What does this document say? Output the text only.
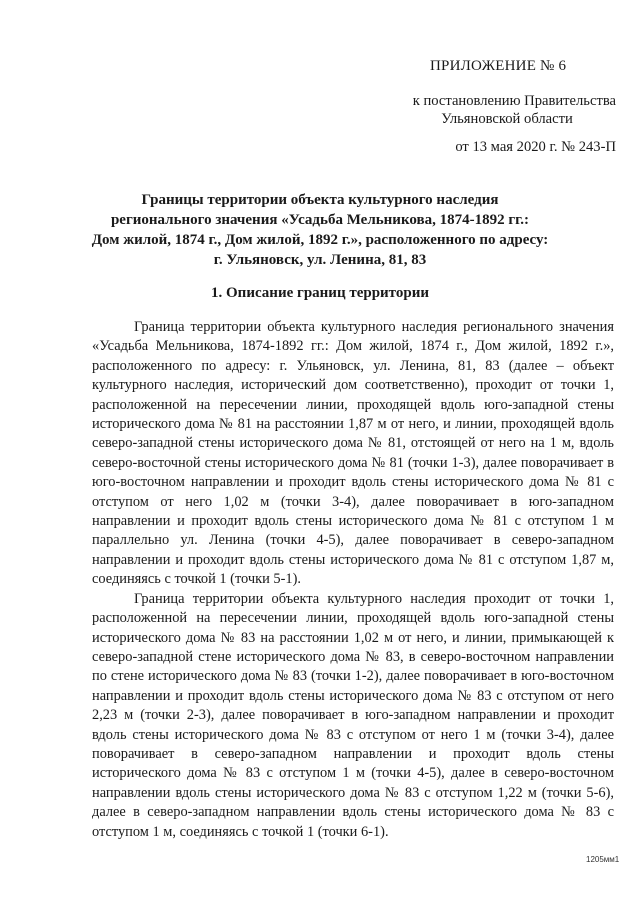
ПРИЛОЖЕНИЕ № 6
к постановлению Правительства
Ульяновской области
от 13 мая 2020 г. № 243-П
Границы территории объекта культурного наследия
регионального значения «Усадьба Мельникова, 1874-1892 гг.:
Дом жилой, 1874 г., Дом жилой, 1892 г.», расположенного по адресу:
г. Ульяновск, ул. Ленина, 81, 83
1. Описание границ территории

Граница территории объекта культурного наследия регионального значения «Усадьба Мельникова, 1874-1892 гг.: Дом жилой, 1874 г., Дом жилой, 1892 г.», расположенного по адресу: г. Ульяновск, ул. Ленина, 81, 83 (далее – объект культурного наследия, исторический дом соответственно), проходит от точки 1, расположенной на пересечении линии, проходящей вдоль юго-западной стены исторического дома № 81 на расстоянии 1,87 м от него, и линии, проходящей вдоль северо-западной стены исторического дома № 81, отстоящей от него на 1 м, вдоль северо-восточной стены исторического дома № 81 (точки 1-3), далее поворачивает в юго-восточном направлении и проходит вдоль стены исторического дома № 81 с отступом от него 1,02 м (точки 3-4), далее поворачивает в юго-западном направлении и проходит вдоль стены исторического дома № 81 с отступом 1 м параллельно ул. Ленина (точки 4-5), далее поворачивает в северо-западном направлении и проходит вдоль стены исторического дома № 81 с отступом 1,87 м, соединяясь с точкой 1 (точки 5-1).

Граница территории объекта культурного наследия проходит от точки 1, расположенной на пересечении линии, проходящей вдоль юго-западной стены исторического дома № 83 на расстоянии 1,02 м от него, и линии, примыкающей к северо-западной стене исторического дома № 83, в северо-восточном направлении по стене исторического дома № 83 (точки 1-2), далее поворачивает в юго-восточном направлении и проходит вдоль стены исторического дома № 83 с отступом от него 2,23 м (точки 2-3), далее поворачивает в юго-западном направлении и проходит вдоль стены исторического дома № 83 с отступом от него 1 м (точки 3-4), далее поворачивает в северо-западном направлении и проходит вдоль стены исторического дома № 83 с отступом 1 м (точки 4-5), далее в северо-восточном направлении вдоль стены исторического дома № 83 с отступом 1,22 м (точки 5-6), далее в северо-западном направлении вдоль стены исторического дома № 83 с отступом 1 м, соединяясь с точкой 1 (точки 6-1).

1205мм1
